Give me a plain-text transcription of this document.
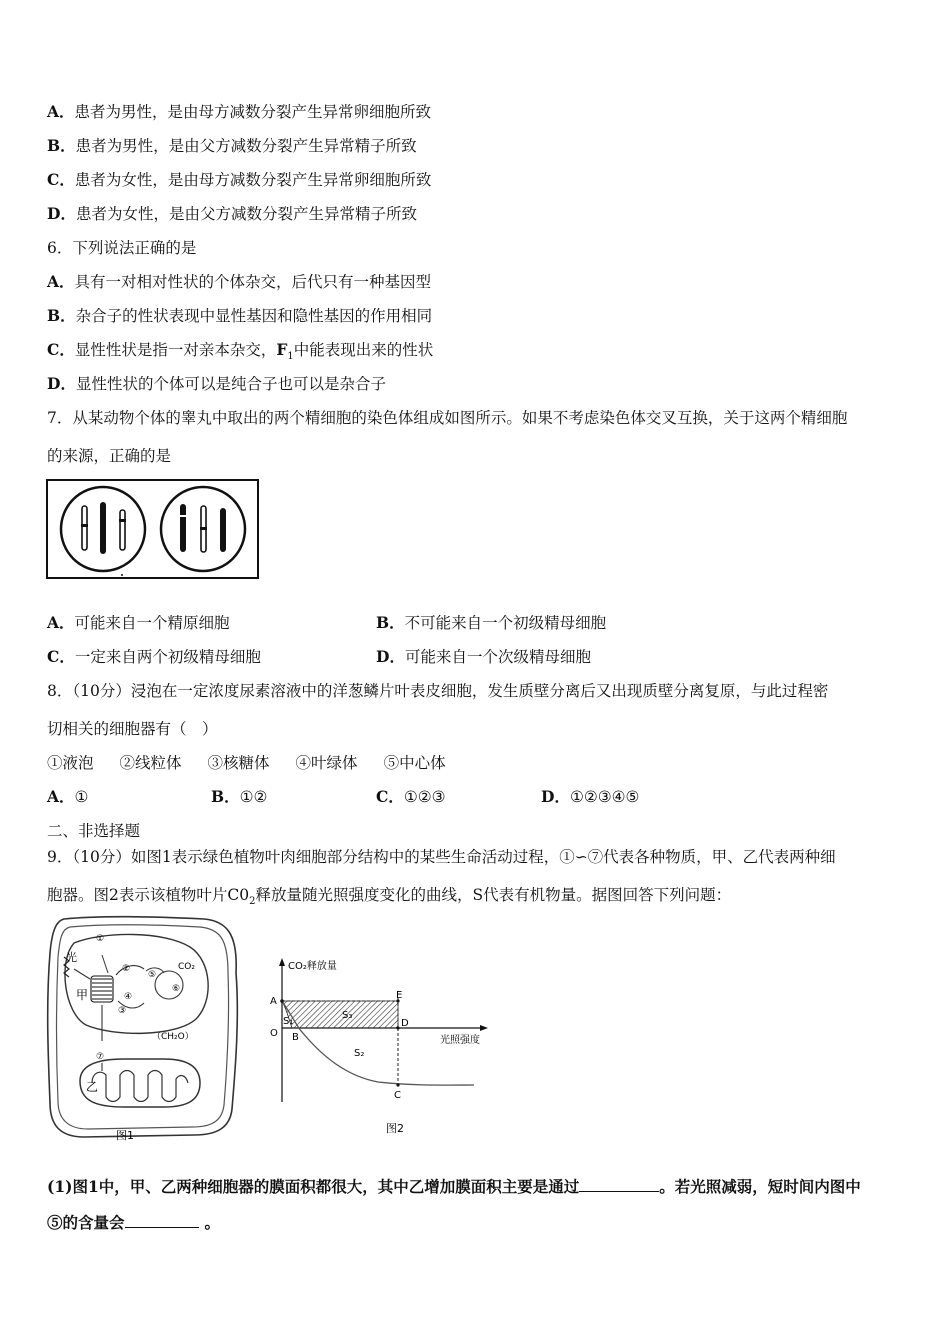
A．患者为男性，是由母方减数分裂产生异常卵细胞所致
B．患者为男性，是由父方减数分裂产生异常精子所致
C．患者为女性，是由母方减数分裂产生异常卵细胞所致
D．患者为女性，是由父方减数分裂产生异常精子所致
6．下列说法正确的是
A．具有一对相对性状的个体杂交，后代只有一种基因型
B．杂合子的性状表现中显性基因和隐性基因的作用相同
C．显性性状是指一对亲本杂交，$F_1$中能表现出来的性状
D．显性性状的个体可以是纯合子也可以是杂合子
7．从某动物个体的睾丸中取出的两个精细胞的染色体组成如图所示。如果不考虑染色体交叉互换，关于这两个精细胞
的来源，正确的是
A．可能来自一个精原细胞	B．不可能来自一个初级精母细胞
C．一定来自两个初级精母细胞	D．可能来自一个次级精母细胞
8．（10分）浸泡在一定浓度尿素溶液中的洋葱鳞片叶表皮细胞，发生质壁分离后又出现质壁分离复原，与此过程密
切相关的细胞器有（　）
①液泡 ②线粒体 ③核糖体 ④叶绿体 ⑤中心体
A．①	B．①②	C．①②③	D．①②③④⑤
二、非选择题
9．（10分）如图1表示绿色植物叶肉细胞部分结构中的某些生命活动过程，①∽⑦代表各种物质，甲、乙代表两种细
胞器。图2表示该植物叶片$C0_2$释放量随光照强度变化的曲线，S代表有机物量。据图回答下列问题：
光
甲
乙
CO₂
（CH₂O）
①
②
③
④
⑤
⑥
⑦
图1
CO₂释放量
光照强度
A
O B
E
D
C
S₁
S₃
S₂
图2
(1)图1中，甲、乙两种细胞器的膜面积都很大，其中乙增加膜面积主要是通过	。若光照减弱，短时间内图中
⑤的含量会	。
